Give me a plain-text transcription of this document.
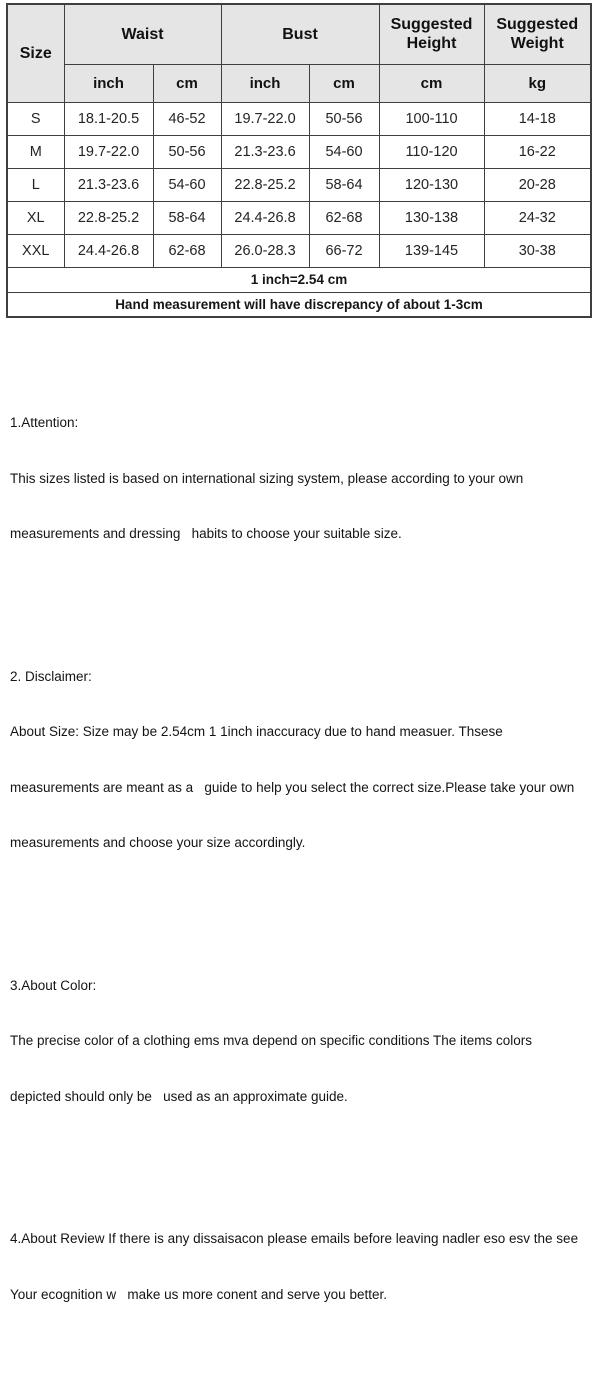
Size	Waist		Bust		Suggested Height	Suggested Weight
	inch	cm	inch	cm	cm	kg
S	18.1-20.5	46-52	19.7-22.0	50-56	100-110	14-18
M	19.7-22.0	50-56	21.3-23.6	54-60	110-120	16-22
L	21.3-23.6	54-60	22.8-25.2	58-64	120-130	20-28
XL	22.8-25.2	58-64	24.4-26.8	62-68	130-138	24-32
XXL	24.4-26.8	62-68	26.0-28.3	66-72	139-145	30-38
1 inch=2.54 cm						
Hand measurement will have discrepancy of about 1-3cm						

1.Attention:

This sizes listed is based on international sizing system, please according to your own

measurements and dressing   habits to choose your suitable size.

2. Disclaimer:

About Size: Size may be 2.54cm 1 1inch inaccuracy due to hand measuer. Thsese

measurements are meant as a   guide to help you select the correct size.Please take your own

measurements and choose your size accordingly.

3.About Color:

The precise color of a clothing ems mva depend on specific conditions The items colors

depicted should only be   used as an approximate guide.

4.About Review If there is any dissaisacon please emails before leaving nadler eso esv the see

Your ecognition w   make us more conent and serve you better.
